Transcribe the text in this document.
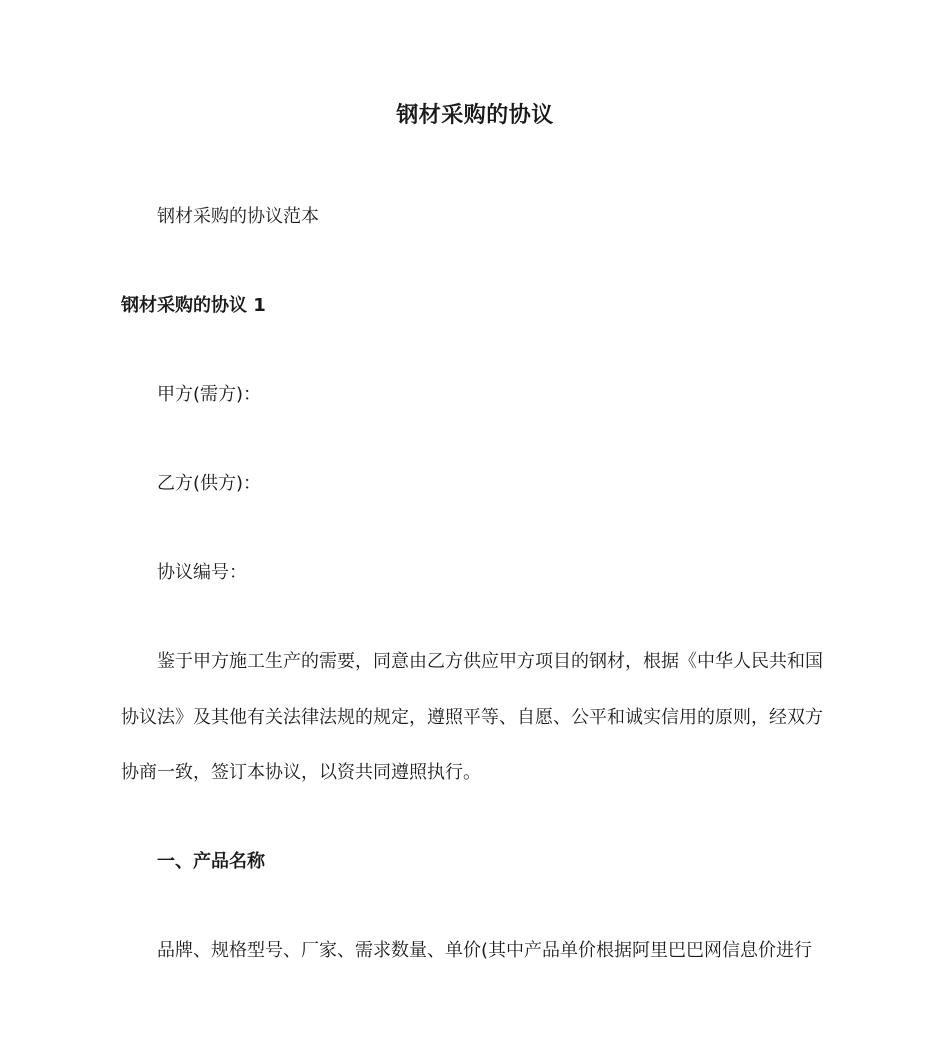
钢材采购的协议
钢材采购的协议范本
钢材采购的协议 1
甲方(需方)：
乙方(供方)：
协议编号：
鉴于甲方施工生产的需要，同意由乙方供应甲方项目的钢材，根据《中华人民共和国
协议法》及其他有关法律法规的规定，遵照平等、自愿、公平和诚实信用的原则，经双方
协商一致，签订本协议，以资共同遵照执行。
一、产品名称
品牌、规格型号、厂家、需求数量、单价(其中产品单价根据阿里巴巴网信息价进行
